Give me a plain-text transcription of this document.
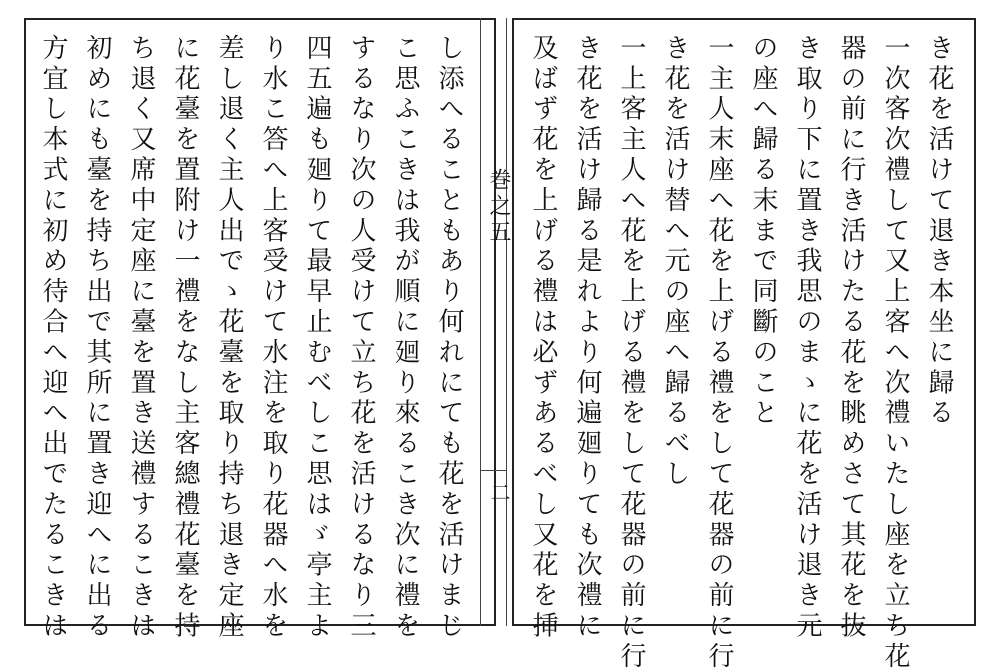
き花を活けて退き本坐に歸る
一次客次禮して又上客へ次禮いたし座を立ち花
器の前に行き活けたる花を眺めさて其花を抜
き取り下に置き我思のまゝに花を活け退き元
の座へ歸る末まで同斷のこと
一主人末座へ花を上げる禮をして花器の前に行
き花を活け替へ元の座へ歸るべし
一上客主人へ花を上げる禮をして花器の前に行
き花を活け歸る是れより何遍廻りても次禮に
及ばず花を上げる禮は必ずあるべし又花を挿
巻之五
二
し添へることもあり何れにても花を活けまじ
こ思ふこきは我が順に廻り來るこき次に禮を
するなり次の人受けて立ち花を活けるなり三
四五遍も廻りて最早止むべしこ思はゞ亭主よ
り水こ答へ上客受けて水注を取り花器へ水を
差し退く主人出でゝ花臺を取り持ち退き定座
に花臺を置附け一禮をなし主客總禮花臺を持
ち退く又席中定座に臺を置き送禮するこきは
初めにも臺を持ち出で其所に置き迎へに出る
方宜し本式に初め待合へ迎へ出でたるこきは
